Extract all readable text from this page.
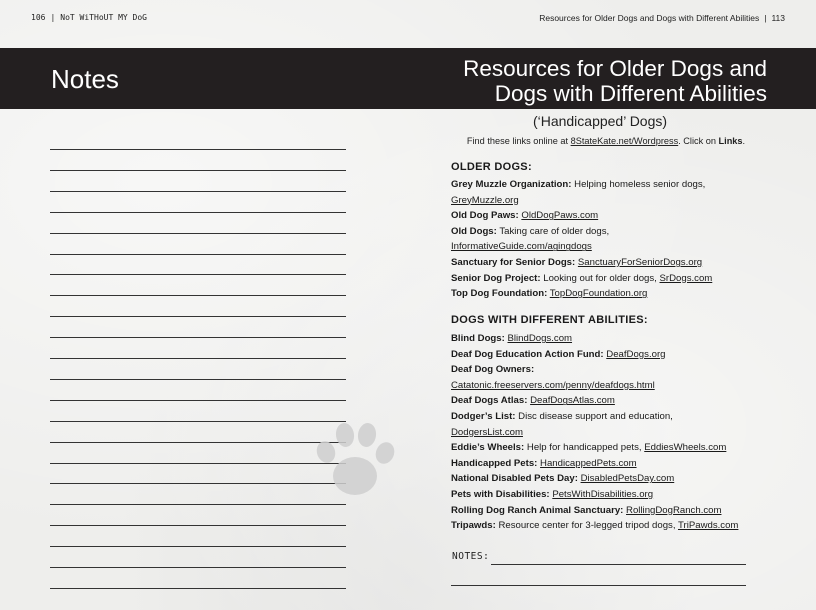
106 | NoT WiTHoUT MY DoG	Resources for Older Dogs and Dogs with Different Abilities | 113
Notes	Resources for Older Dogs and
Dogs with Different Abilities
(‘Handicapped’ Dogs)
Find these links online at 8StateKate.net/Wordpress. Click on Links.
OLDER DOGS:
Grey Muzzle Organization: Helping homeless senior dogs,
GreyMuzzle.org
Old Dog Paws: OldDogPaws.com
Old Dogs: Taking care of older dogs,
InformativeGuide.com/agingdogs
Sanctuary for Senior Dogs: SanctuaryForSeniorDogs.org
Senior Dog Project: Looking out for older dogs, SrDogs.com
Top Dog Foundation: TopDogFoundation.org
DOGS WITH DIFFERENT ABILITIES:
Blind Dogs: BlindDogs.com
Deaf Dog Education Action Fund: DeafDogs.org
Deaf Dog Owners:
Catatonic.freeservers.com/penny/deafdogs.html
Deaf Dogs Atlas: DeafDogsAtlas.com
Dodger’s List: Disc disease support and education,
DodgersList.com
Eddie’s Wheels: Help for handicapped pets, EddiesWheels.com
Handicapped Pets: HandicappedPets.com
National Disabled Pets Day: DisabledPetsDay.com
Pets with Disabilities: PetsWithDisabilities.org
Rolling Dog Ranch Animal Sanctuary: RollingDogRanch.com
Tripawds: Resource center for 3-legged tripod dogs, TriPawds.com
NOTES:
